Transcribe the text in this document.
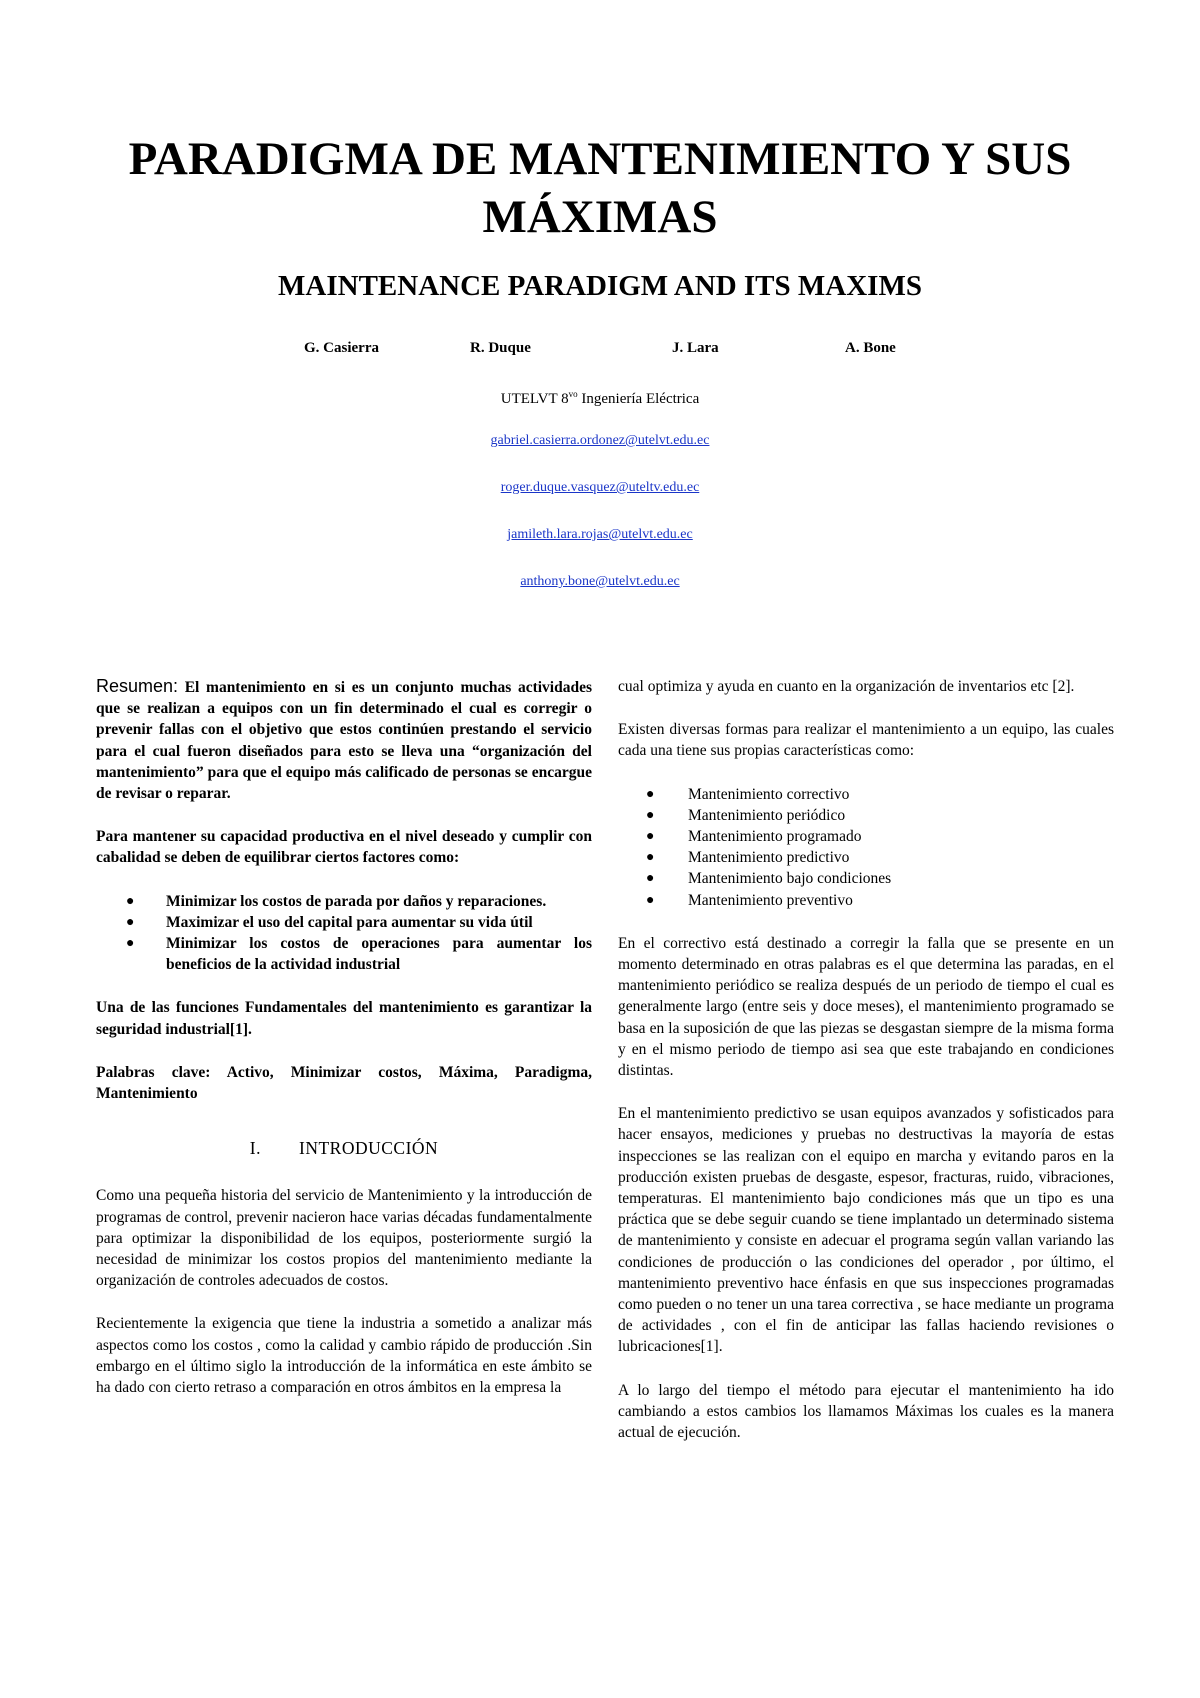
PARADIGMA DE MANTENIMIENTO Y SUS MÁXIMAS
MAINTENANCE PARADIGM AND ITS MAXIMS
G. Casierra	R. Duque	J. Lara	A. Bone
UTELVT $8^{vo}$ Ingeniería Eléctrica
gabriel.casierra.ordonez@utelvt.edu.ec
roger.duque.vasquez@uteltv.edu.ec
jamileth.lara.rojas@utelvt.edu.ec
anthony.bone@utelvt.edu.ec

Resumen: El mantenimiento en si es un conjunto muchas actividades que se realizan a equipos con un fin determinado el cual es corregir o prevenir fallas con el objetivo que estos continúen prestando el servicio para el cual fueron diseñados para esto se lleva una “organización del mantenimiento” para que el equipo más calificado de personas se encargue de revisar o reparar.

Para mantener su capacidad productiva en el nivel deseado y cumplir con cabalidad se deben de equilibrar ciertos factores como:

● Minimizar los costos de parada por daños y reparaciones.
● Maximizar el uso del capital para aumentar su vida útil
● Minimizar los costos de operaciones para aumentar los beneficios de la actividad industrial

Una de las funciones Fundamentales del mantenimiento es garantizar la seguridad industrial[1].

Palabras clave: Activo, Minimizar costos, Máxima, Paradigma, Mantenimiento

I. INTRODUCCIÓN

Como una pequeña historia del servicio de Mantenimiento y la introducción de programas de control, prevenir nacieron hace varias décadas fundamentalmente para optimizar la disponibilidad de los equipos, posteriormente surgió la necesidad de minimizar los costos propios del mantenimiento mediante la organización de controles adecuados de costos.

Recientemente la exigencia que tiene la industria a sometido a analizar más aspectos como los costos , como la calidad y cambio rápido de producción .Sin embargo en el último siglo la introducción de la informática en este ámbito se ha dado con cierto retraso a comparación en otros ámbitos en la empresa la

cual optimiza y ayuda en cuanto en la organización de inventarios etc [2].

Existen diversas formas para realizar el mantenimiento a un equipo, las cuales cada una tiene sus propias características como:

● Mantenimiento correctivo
● Mantenimiento periódico
● Mantenimiento programado
● Mantenimiento predictivo
● Mantenimiento bajo condiciones
● Mantenimiento preventivo

En el correctivo está destinado a corregir la falla que se presente en un momento determinado en otras palabras es el que determina las paradas, en el mantenimiento periódico se realiza después de un periodo de tiempo el cual es generalmente largo (entre seis y doce meses), el mantenimiento programado se basa en la suposición de que las piezas se desgastan siempre de la misma forma y en el mismo periodo de tiempo asi sea que este trabajando en condiciones distintas.

En el mantenimiento predictivo se usan equipos avanzados y sofisticados para hacer ensayos, mediciones y pruebas no destructivas la mayoría de estas inspecciones se las realizan con el equipo en marcha y evitando paros en la producción existen pruebas de desgaste, espesor, fracturas, ruido, vibraciones, temperaturas. El mantenimiento bajo condiciones más que un tipo es una práctica que se debe seguir cuando se tiene implantado un determinado sistema de mantenimiento y consiste en adecuar el programa según vallan variando las condiciones de producción o las condiciones del operador , por último, el mantenimiento preventivo hace énfasis en que sus inspecciones programadas como pueden o no tener un una tarea correctiva , se hace mediante un programa de actividades , con el fin de anticipar las fallas haciendo revisiones o lubricaciones[1].

A lo largo del tiempo el método para ejecutar el mantenimiento ha ido cambiando a estos cambios los llamamos Máximas los cuales es la manera actual de ejecución.
